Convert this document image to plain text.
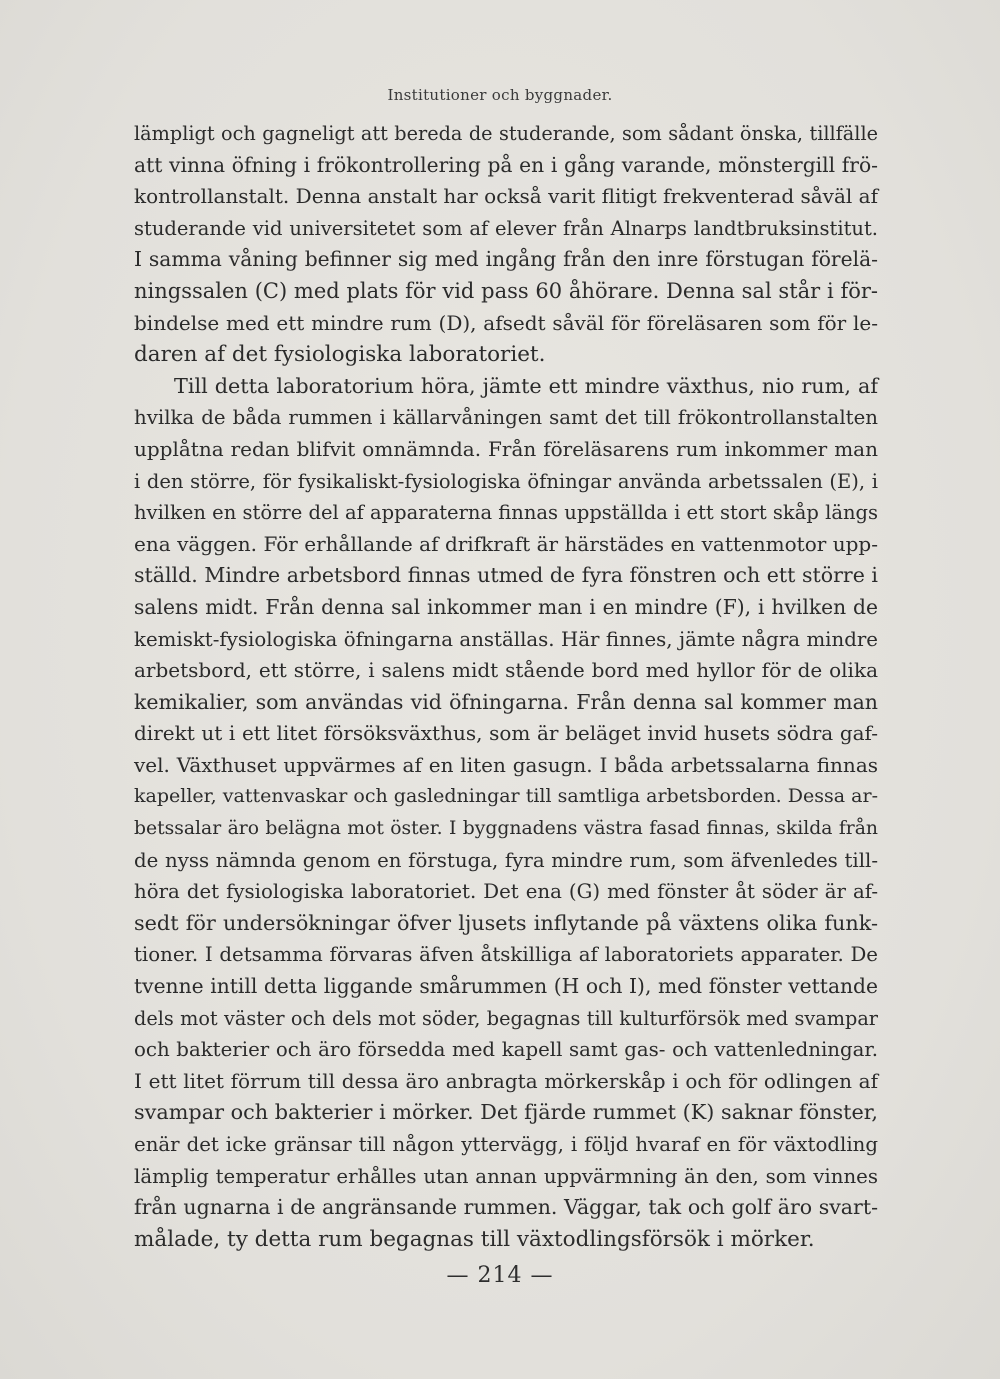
Institutioner och byggnader.
lämpligt och gagneligt att bereda de studerande, som sådant önska, tillfälle
att vinna öfning i frökontrollering på en i gång varande, mönstergill frö-
kontrollanstalt. Denna anstalt har också varit flitigt frekventerad såväl af
studerande vid universitetet som af elever från Alnarps landtbruksinstitut.
I samma våning befinner sig med ingång från den inre förstugan förelä-
ningssalen (C) med plats för vid pass 60 åhörare. Denna sal står i för-
bindelse med ett mindre rum (D), afsedt såväl för föreläsaren som för le-
daren af det fysiologiska laboratoriet.
Till detta laboratorium höra, jämte ett mindre växthus, nio rum, af
hvilka de båda rummen i källarvåningen samt det till frökontrollanstalten
upplåtna redan blifvit omnämnda. Från föreläsarens rum inkommer man
i den större, för fysikaliskt-fysiologiska öfningar använda arbetssalen (E), i
hvilken en större del af apparaterna finnas uppställda i ett stort skåp längs
ena väggen. För erhållande af drifkraft är härstädes en vattenmotor upp-
ställd. Mindre arbetsbord finnas utmed de fyra fönstren och ett större i
salens midt. Från denna sal inkommer man i en mindre (F), i hvilken de
kemiskt-fysiologiska öfningarna anställas. Här finnes, jämte några mindre
arbetsbord, ett större, i salens midt stående bord med hyllor för de olika
kemikalier, som användas vid öfningarna. Från denna sal kommer man
direkt ut i ett litet försöksväxthus, som är beläget invid husets södra gaf-
vel. Växthuset uppvärmes af en liten gasugn. I båda arbetssalarna finnas
kapeller, vattenvaskar och gasledningar till samtliga arbetsborden. Dessa ar-
betssalar äro belägna mot öster. I byggnadens västra fasad finnas, skilda från
de nyss nämnda genom en förstuga, fyra mindre rum, som äfvenledes till-
höra det fysiologiska laboratoriet. Det ena (G) med fönster åt söder är af-
sedt för undersökningar öfver ljusets inflytande på växtens olika funk-
tioner. I detsamma förvaras äfven åtskilliga af laboratoriets apparater. De
tvenne intill detta liggande smårummen (H och I), med fönster vettande
dels mot väster och dels mot söder, begagnas till kulturförsök med svampar
och bakterier och äro försedda med kapell samt gas- och vattenledningar.
I ett litet förrum till dessa äro anbragta mörkerskåp i och för odlingen af
svampar och bakterier i mörker. Det fjärde rummet (K) saknar fönster,
enär det icke gränsar till någon yttervägg, i följd hvaraf en för växtodling
lämplig temperatur erhålles utan annan uppvärmning än den, som vinnes
från ugnarna i de angränsande rummen. Väggar, tak och golf äro svart-
målade, ty detta rum begagnas till växtodlingsförsök i mörker.
— 214 —
